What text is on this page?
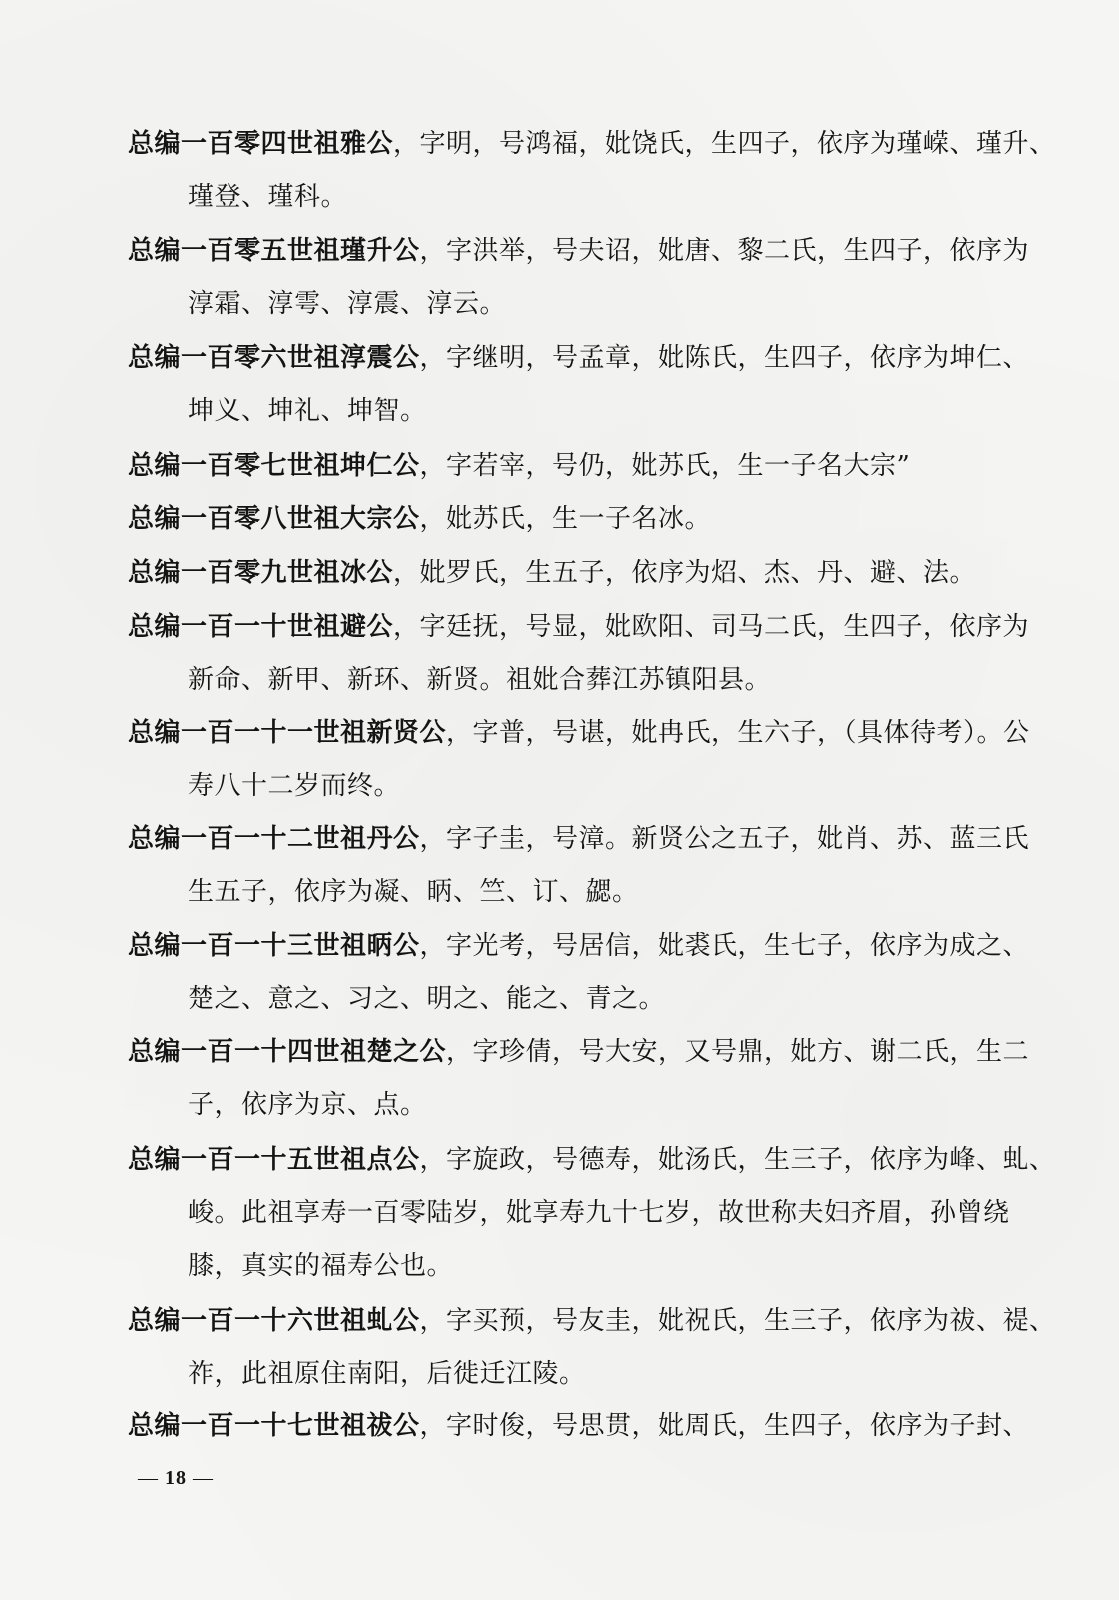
总编一百零四世祖雅公，字明，号鸿福，妣饶氏，生四子，依序为瑾嵘、瑾升、
瑾登、瑾科。
总编一百零五世祖瑾升公，字洪举，号夫诏，妣唐、黎二氏，生四子，依序为
淳霜、淳雩、淳震、淳云。
总编一百零六世祖淳震公，字继明，号孟章，妣陈氏，生四子，依序为坤仁、
坤义、坤礼、坤智。
总编一百零七世祖坤仁公，字若宰，号仍，妣苏氏，生一子名大宗”
总编一百零八世祖大宗公，妣苏氏，生一子名冰。
总编一百零九世祖冰公，妣罗氏，生五子，依序为炤、杰、丹、避、法。
总编一百一十世祖避公，字廷抚，号显，妣欧阳、司马二氏，生四子，依序为
新命、新甲、新环、新贤。祖妣合葬江苏镇阳县。
总编一百一十一世祖新贤公，字普，号谌，妣冉氏，生六子，（具体待考）。公
寿八十二岁而终。
总编一百一十二世祖丹公，字子圭，号漳。新贤公之五子，妣肖、苏、蓝三氏
生五子，依序为凝、昞、竺、订、勰。
总编一百一十三世祖昞公，字光考，号居信，妣裘氏，生七子，依序为成之、
楚之、意之、习之、明之、能之、青之。
总编一百一十四世祖楚之公，字珍倩，号大安，又号鼎，妣方、谢二氏，生二
子，依序为京、点。
总编一百一十五世祖点公，字旋政，号德寿，妣汤氏，生三子，依序为峰、虬、
峻。此祖享寿一百零陆岁，妣享寿九十七岁，故世称夫妇齐眉，孙曾绕
膝，真实的福寿公也。
总编一百一十六世祖虬公，字买预，号友圭，妣祝氏，生三子，依序为祓、禔、
祚，此祖原住南阳，后徙迁江陵。
总编一百一十七世祖祓公，字时俊，号思贯，妣周氏，生四子，依序为子封、
— 18 —
